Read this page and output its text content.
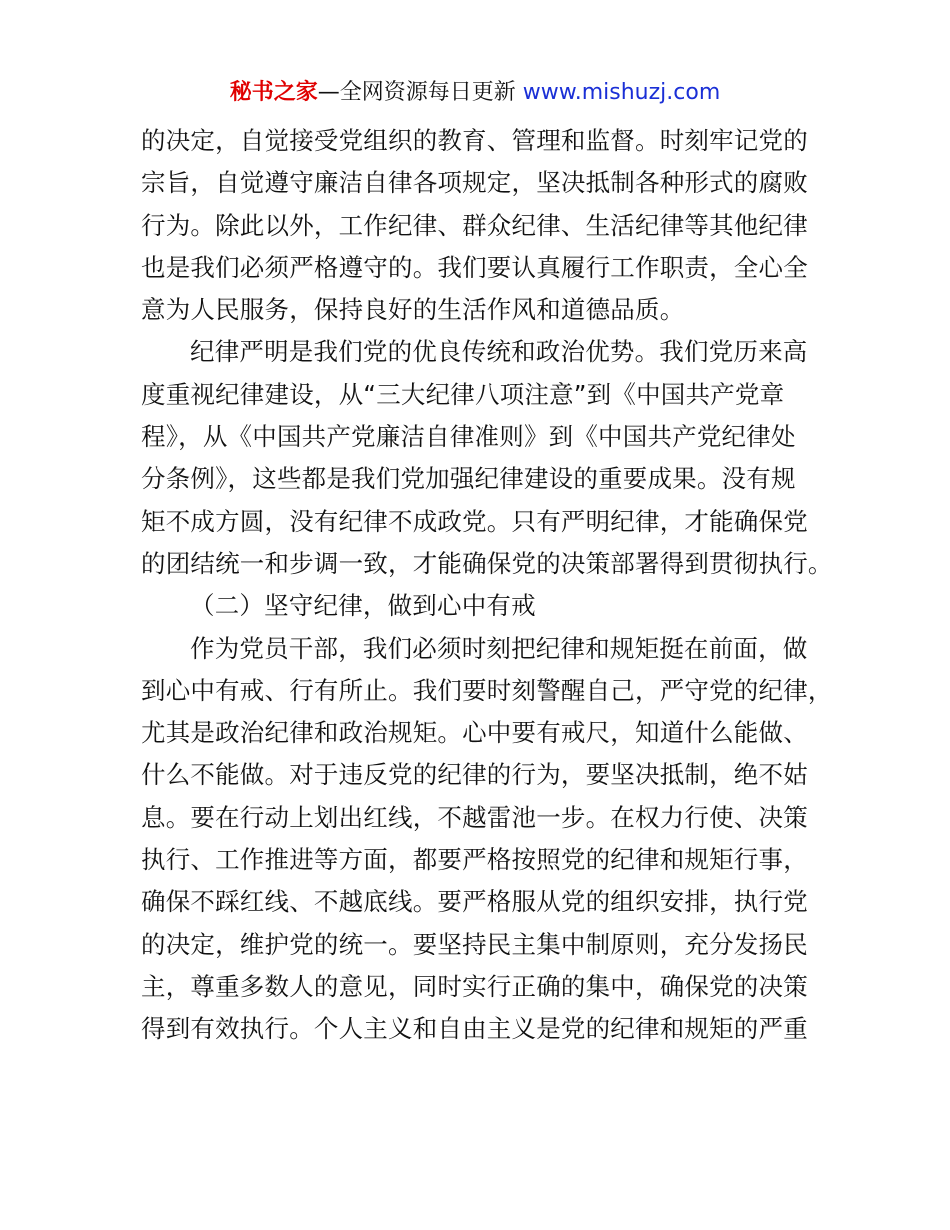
秘书之家—全网资源每日更新 www.mishuzj.com
的决定，自觉接受党组织的教育、管理和监督。时刻牢记党的
宗旨，自觉遵守廉洁自律各项规定，坚决抵制各种形式的腐败
行为。除此以外，工作纪律、群众纪律、生活纪律等其他纪律
也是我们必须严格遵守的。我们要认真履行工作职责，全心全
意为人民服务，保持良好的生活作风和道德品质。
纪律严明是我们党的优良传统和政治优势。我们党历来高
度重视纪律建设，从“三大纪律八项注意”到《中国共产党章
程》，从《中国共产党廉洁自律准则》到《中国共产党纪律处
分条例》，这些都是我们党加强纪律建设的重要成果。没有规
矩不成方圆，没有纪律不成政党。只有严明纪律，才能确保党
的团结统一和步调一致，才能确保党的决策部署得到贯彻执行。
（二）坚守纪律，做到心中有戒
作为党员干部，我们必须时刻把纪律和规矩挺在前面，做
到心中有戒、行有所止。我们要时刻警醒自己，严守党的纪律，
尤其是政治纪律和政治规矩。心中要有戒尺，知道什么能做、
什么不能做。对于违反党的纪律的行为，要坚决抵制，绝不姑
息。要在行动上划出红线，不越雷池一步。在权力行使、决策
执行、工作推进等方面，都要严格按照党的纪律和规矩行事，
确保不踩红线、不越底线。要严格服从党的组织安排，执行党
的决定，维护党的统一。要坚持民主集中制原则，充分发扬民
主，尊重多数人的意见，同时实行正确的集中，确保党的决策
得到有效执行。个人主义和自由主义是党的纪律和规矩的严重
